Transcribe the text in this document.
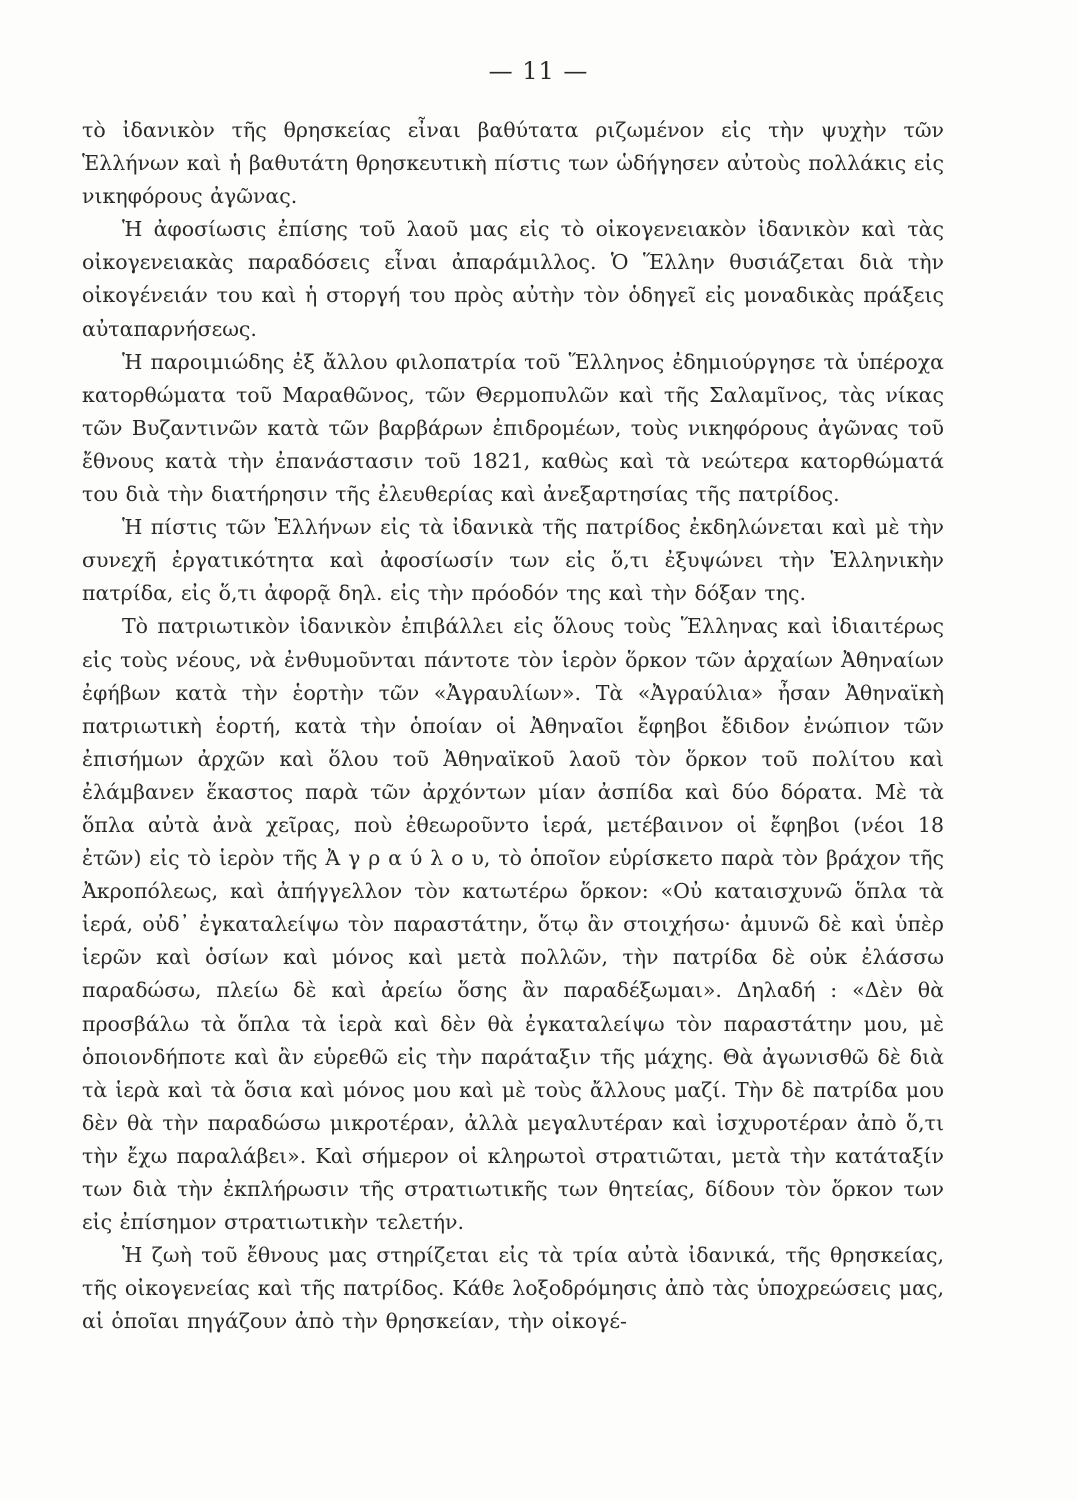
— 11 —

τὸ ἰδανικὸν τῆς θρησκείας εἶναι βαθύτατα ριζωμένον εἰς τὴν ψυχὴν τῶν Ἑλλήνων καὶ ἡ βαθυτάτη θρησκευτικὴ πίστις των ὡδήγησεν αὐτοὺς πολλάκις εἰς νικηφόρους ἀγῶνας.

Ἡ ἀφοσίωσις ἐπίσης τοῦ λαοῦ μας εἰς τὸ οἰκογενειακὸν ἰδανικὸν καὶ τὰς οἰκογενειακὰς παραδόσεις εἶναι ἀπαράμιλλος. Ὁ Ἕλλην θυσιάζεται διὰ τὴν οἰκογένειάν του καὶ ἡ στοργή του πρὸς αὐτὴν τὸν ὁδηγεῖ εἰς μοναδικὰς πράξεις αὐταπαρνήσεως.

Ἡ παροιμιώδης ἐξ ἄλλου φιλοπατρία τοῦ Ἕλληνος ἐδημιούργησε τὰ ὑπέροχα κατορθώματα τοῦ Μαραθῶνος, τῶν Θερμοπυλῶν καὶ τῆς Σαλαμῖνος, τὰς νίκας τῶν Βυζαντινῶν κατὰ τῶν βαρβάρων ἐπιδρομέων, τοὺς νικηφόρους ἀγῶνας τοῦ ἔθνους κατὰ τὴν ἐπανάστασιν τοῦ 1821, καθὼς καὶ τὰ νεώτερα κατορθώματά του διὰ τὴν διατήρησιν τῆς ἐλευθερίας καὶ ἀνεξαρτησίας τῆς πατρίδος.

Ἡ πίστις τῶν Ἑλλήνων εἰς τὰ ἰδανικὰ τῆς πατρίδος ἐκδηλώνεται καὶ μὲ τὴν συνεχῆ ἐργατικότητα καὶ ἀφοσίωσίν των εἰς ὅ,τι ἐξυψώνει τὴν Ἑλληνικὴν πατρίδα, εἰς ὅ,τι ἀφορᾷ δηλ. εἰς τὴν πρόοδόν της καὶ τὴν δόξαν της.

Τὸ πατριωτικὸν ἰδανικὸν ἐπιβάλλει εἰς ὅλους τοὺς Ἕλληνας καὶ ἰδιαιτέρως εἰς τοὺς νέους, νὰ ἐνθυμοῦνται πάντοτε τὸν ἱερὸν ὅρκον τῶν ἀρχαίων Ἀθηναίων ἐφήβων κατὰ τὴν ἑορτὴν τῶν «Ἀγραυλίων». Τὰ «Ἀγραύλια» ἦσαν Ἀθηναϊκὴ πατριωτικὴ ἑορτή, κατὰ τὴν ὁποίαν οἱ Ἀθηναῖοι ἔφηβοι ἔδιδον ἐνώπιον τῶν ἐπισήμων ἀρχῶν καὶ ὅλου τοῦ Ἀθηναϊκοῦ λαοῦ τὸν ὅρκον τοῦ πολίτου καὶ ἐλάμβανεν ἕκαστος παρὰ τῶν ἀρχόντων μίαν ἀσπίδα καὶ δύο δόρατα. Μὲ τὰ ὅπλα αὐτὰ ἀνὰ χεῖρας, ποὺ ἐθεωροῦντο ἱερά, μετέβαινον οἱ ἔφηβοι (νέοι 18 ἐτῶν) εἰς τὸ ἱερὸν τῆς Ἀ γ ρ α ύ λ ο υ, τὸ ὁποῖον εὑρίσκετο παρὰ τὸν βράχον τῆς Ἀκροπόλεως, καὶ ἀπήγγελλον τὸν κατωτέρω ὅρκον: «Οὐ καταισχυνῶ ὅπλα τὰ ἱερά, οὐδ᾽ ἐγκαταλείψω τὸν παραστάτην, ὅτῳ ἂν στοιχήσω· ἀμυνῶ δὲ καὶ ὑπὲρ ἱερῶν καὶ ὁσίων καὶ μόνος καὶ μετὰ πολλῶν, τὴν πατρίδα δὲ οὐκ ἐλάσσω παραδώσω, πλείω δὲ καὶ ἀρείω ὅσης ἂν παραδέξωμαι». Δηλαδή : «Δὲν θὰ προσβάλω τὰ ὅπλα τὰ ἱερὰ καὶ δὲν θὰ ἐγκαταλείψω τὸν παραστάτην μου, μὲ ὁποιονδήποτε καὶ ἂν εὑρεθῶ εἰς τὴν παράταξιν τῆς μάχης. Θὰ ἀγωνισθῶ δὲ διὰ τὰ ἱερὰ καὶ τὰ ὅσια καὶ μόνος μου καὶ μὲ τοὺς ἄλλους μαζί. Τὴν δὲ πατρίδα μου δὲν θὰ τὴν παραδώσω μικροτέραν, ἀλλὰ μεγαλυτέραν καὶ ἰσχυροτέραν ἀπὸ ὅ,τι τὴν ἔχω παραλάβει». Καὶ σήμερον οἱ κληρωτοὶ στρατιῶται, μετὰ τὴν κατάταξίν των διὰ τὴν ἐκπλήρωσιν τῆς στρατιωτικῆς των θητείας, δίδουν τὸν ὅρκον των εἰς ἐπίσημον στρατιωτικὴν τελετήν.

Ἡ ζωὴ τοῦ ἔθνους μας στηρίζεται εἰς τὰ τρία αὐτὰ ἰδανικά, τῆς θρησκείας, τῆς οἰκογενείας καὶ τῆς πατρίδος. Κάθε λοξοδρόμησις ἀπὸ τὰς ὑποχρεώσεις μας, αἱ ὁποῖαι πηγάζουν ἀπὸ τὴν θρησκείαν, τὴν οἰκογέ-
